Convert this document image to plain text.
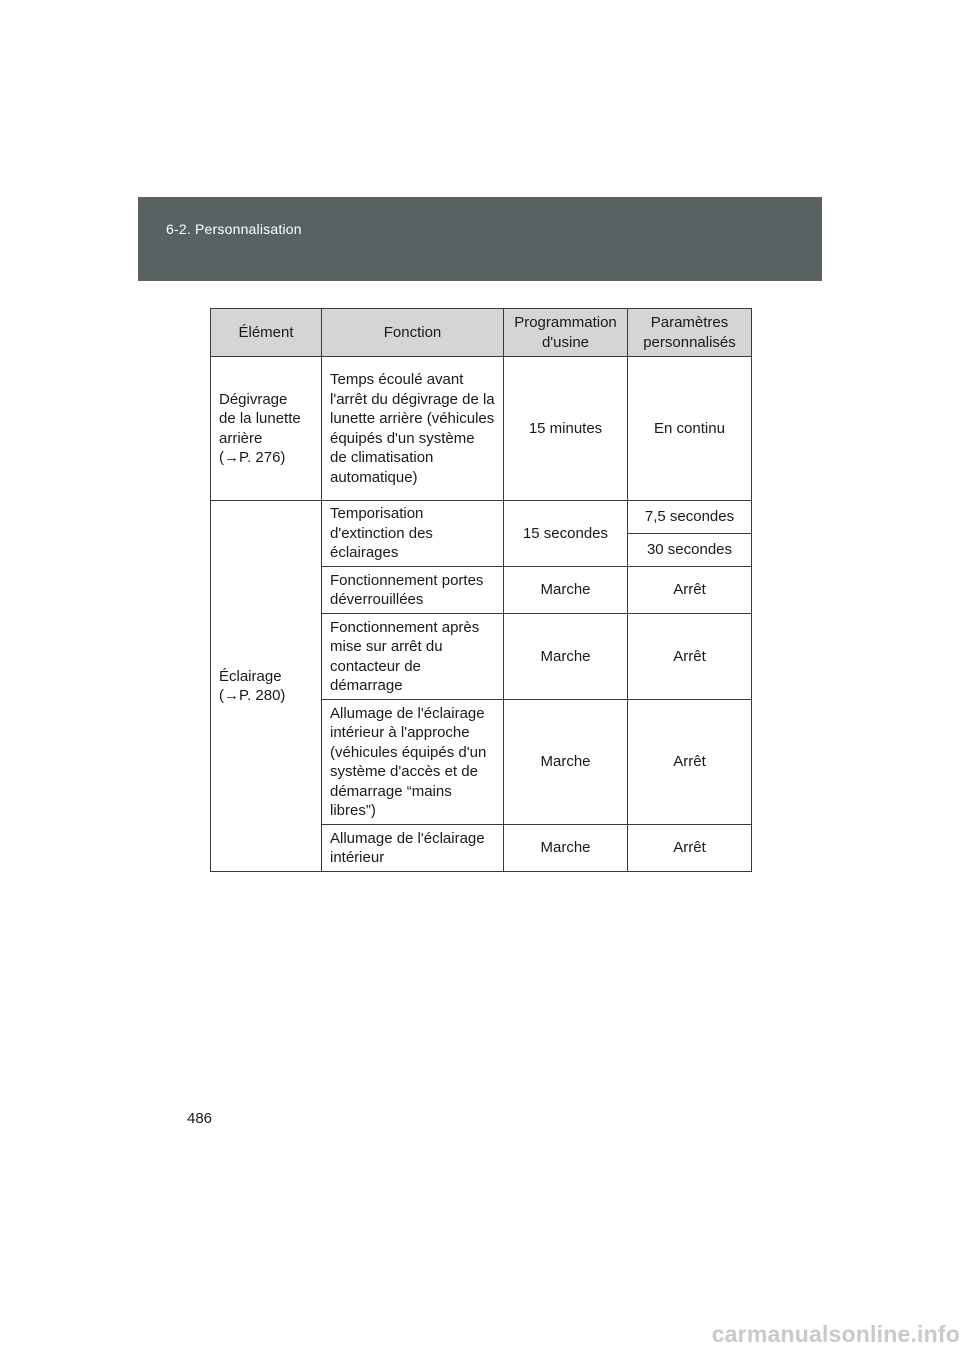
6-2. Personnalisation
Élément	Fonction	Programmation d'usine	Paramètres personnalisés
Dégivrage
de la lunette
arrière
(→P. 276)	Temps écoulé avant l'arrêt du dégivrage de la lunette arrière (véhicules équipés d'un système de climatisation automatique)	15 minutes	En continu
Éclairage
(→P. 280)	Temporisation d'extinction des éclairages	15 secondes	7,5 secondes
			30 secondes
	Fonctionnement portes déverrouillées	Marche	Arrêt
	Fonctionnement après mise sur arrêt du contacteur de démarrage	Marche	Arrêt
	Allumage de l'éclairage intérieur à l'approche (véhicules équipés d'un système d'accès et de démarrage “mains libres”)	Marche	Arrêt
	Allumage de l'éclairage intérieur	Marche	Arrêt
486
carmanualsonline.info
